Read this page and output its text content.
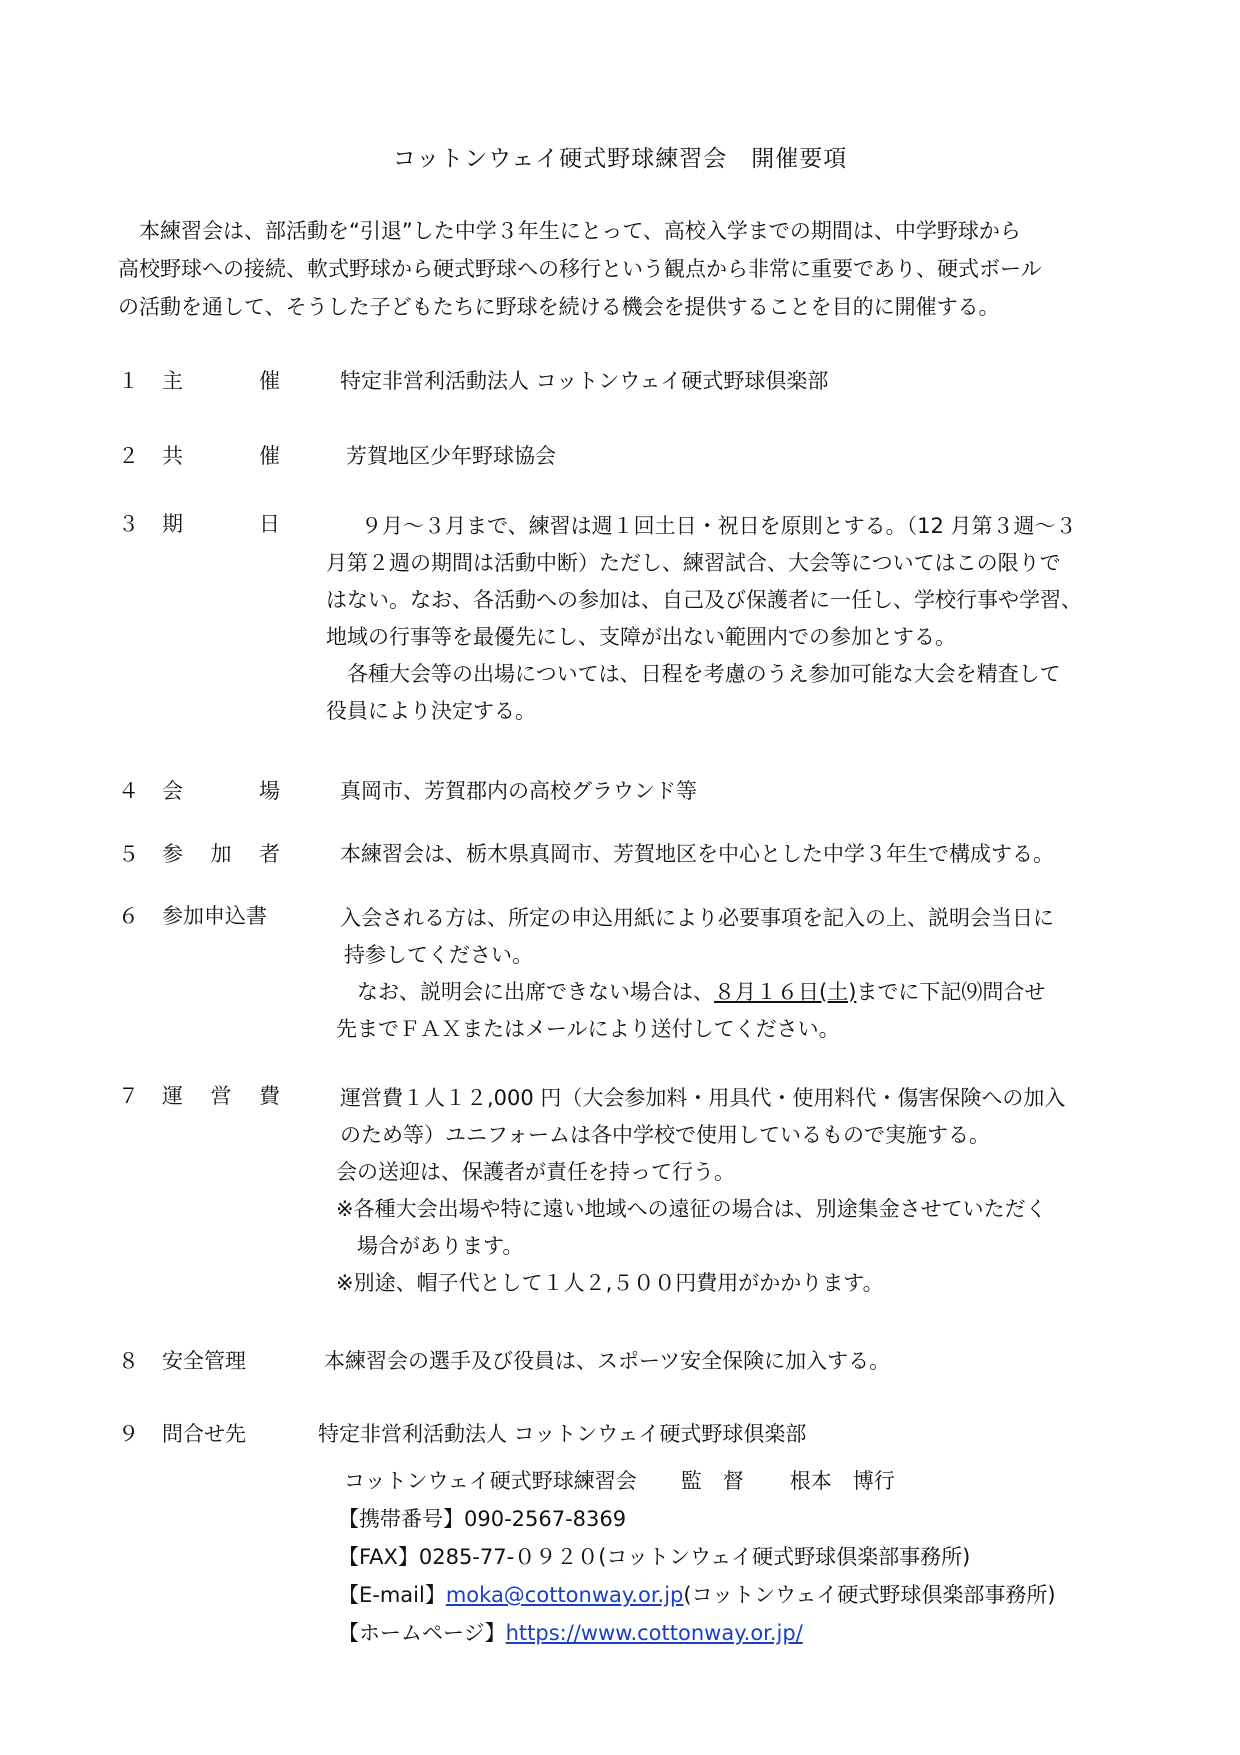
コットンウェイ硬式野球練習会　開催要項

　本練習会は、部活動を“引退”した中学３年生にとって、高校入学までの期間は、中学野球から

高校野球への接続、軟式野球から硬式野球への移行という観点から非常に重要であり、硬式ボール

の活動を通して、そうした子どもたちに野球を続ける機会を提供することを目的に開催する。

１ 主	催	特定非営利活動法人 コットンウェイ硬式野球倶楽部
２ 共	催	芳賀地区少年野球協会
３ 期	日	　９月～３月まで、練習は週１回土日・祝日を原則とする。（12 月第３週～３

月第２週の期間は活動中断）ただし、練習試合、大会等についてはこの限りで

はない。なお、各活動への参加は、自己及び保護者に一任し、学校行事や学習、

地域の行事等を最優先にし、支障が出ない範囲内での参加とする。

　各種大会等の出場については、日程を考慮のうえ参加可能な大会を精査して

役員により決定する。

４ 会	場	真岡市、芳賀郡内の高校グラウンド等
５ 参 加 者	本練習会は、栃木県真岡市、芳賀地区を中心とした中学３年生で構成する。
６ 参加申込書	入会される方は、所定の申込用紙により必要事項を記入の上、説明会当日に

持参してください。

　なお、説明会に出席できない場合は、８月１６日(土)までに下記⑼問合せ

先までＦＡＸまたはメールにより送付してください。

７ 運 営 費	運営費１人１２,000 円（大会参加料・用具代・使用料代・傷害保険への加入

のため等）ユニフォームは各中学校で使用しているもので実施する。

会の送迎は、保護者が責任を持って行う。

※各種大会出場や特に遠い地域への遠征の場合は、別途集金させていただく

　場合があります。

※別途、帽子代として１人２,５００円費用がかかります。

８ 安全管理	本練習会の選手及び役員は、スポーツ安全保険に加入する。
９ 問合せ先	特定非営利活動法人 コットンウェイ硬式野球倶楽部

コットンウェイ硬式野球練習会 監　督 根本　博行

【携帯番号】090-2567-8369

【FAX】0285-77-０９２０(コットンウェイ硬式野球倶楽部事務所)

【E-mail】moka@cottonway.or.jp(コットンウェイ硬式野球倶楽部事務所)

【ホームページ】https://www.cottonway.or.jp/
